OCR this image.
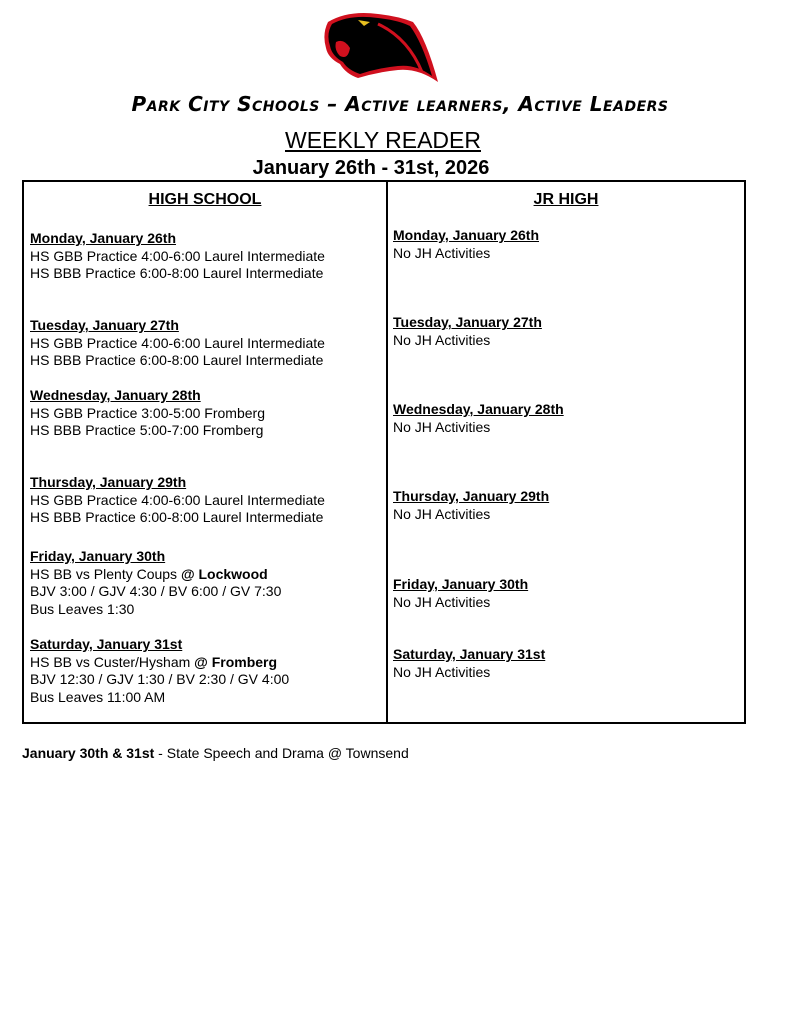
Park City Schools – Active learners, Active Leaders
WEEKLY READER
January 26th - 31st, 2026
HIGH SCHOOL	JR HIGH
Monday, January 26th
HS GBB Practice 4:00-6:00 Laurel Intermediate
HS BBB Practice 6:00-8:00 Laurel Intermediate
Tuesday, January 27th
HS GBB Practice 4:00-6:00 Laurel Intermediate
HS BBB Practice 6:00-8:00 Laurel Intermediate
Wednesday, January 28th
HS GBB Practice 3:00-5:00 Fromberg
HS BBB Practice 5:00-7:00 Fromberg
Thursday, January 29th
HS GBB Practice 4:00-6:00 Laurel Intermediate
HS BBB Practice 6:00-8:00 Laurel Intermediate
Friday, January 30th
HS BB vs Plenty Coups @ Lockwood
BJV 3:00 / GJV 4:30 / BV 6:00 / GV 7:30
Bus Leaves 1:30
Saturday, January 31st
HS BB vs Custer/Hysham @ Fromberg
BJV 12:30 / GJV 1:30 / BV 2:30 / GV 4:00
Bus Leaves 11:00 AM
Monday, January 26th
No JH Activities
Tuesday, January 27th
No JH Activities
Wednesday, January 28th
No JH Activities
Thursday, January 29th
No JH Activities
Friday, January 30th
No JH Activities
Saturday, January 31st
No JH Activities
January 30th & 31st - State Speech and Drama @ Townsend
